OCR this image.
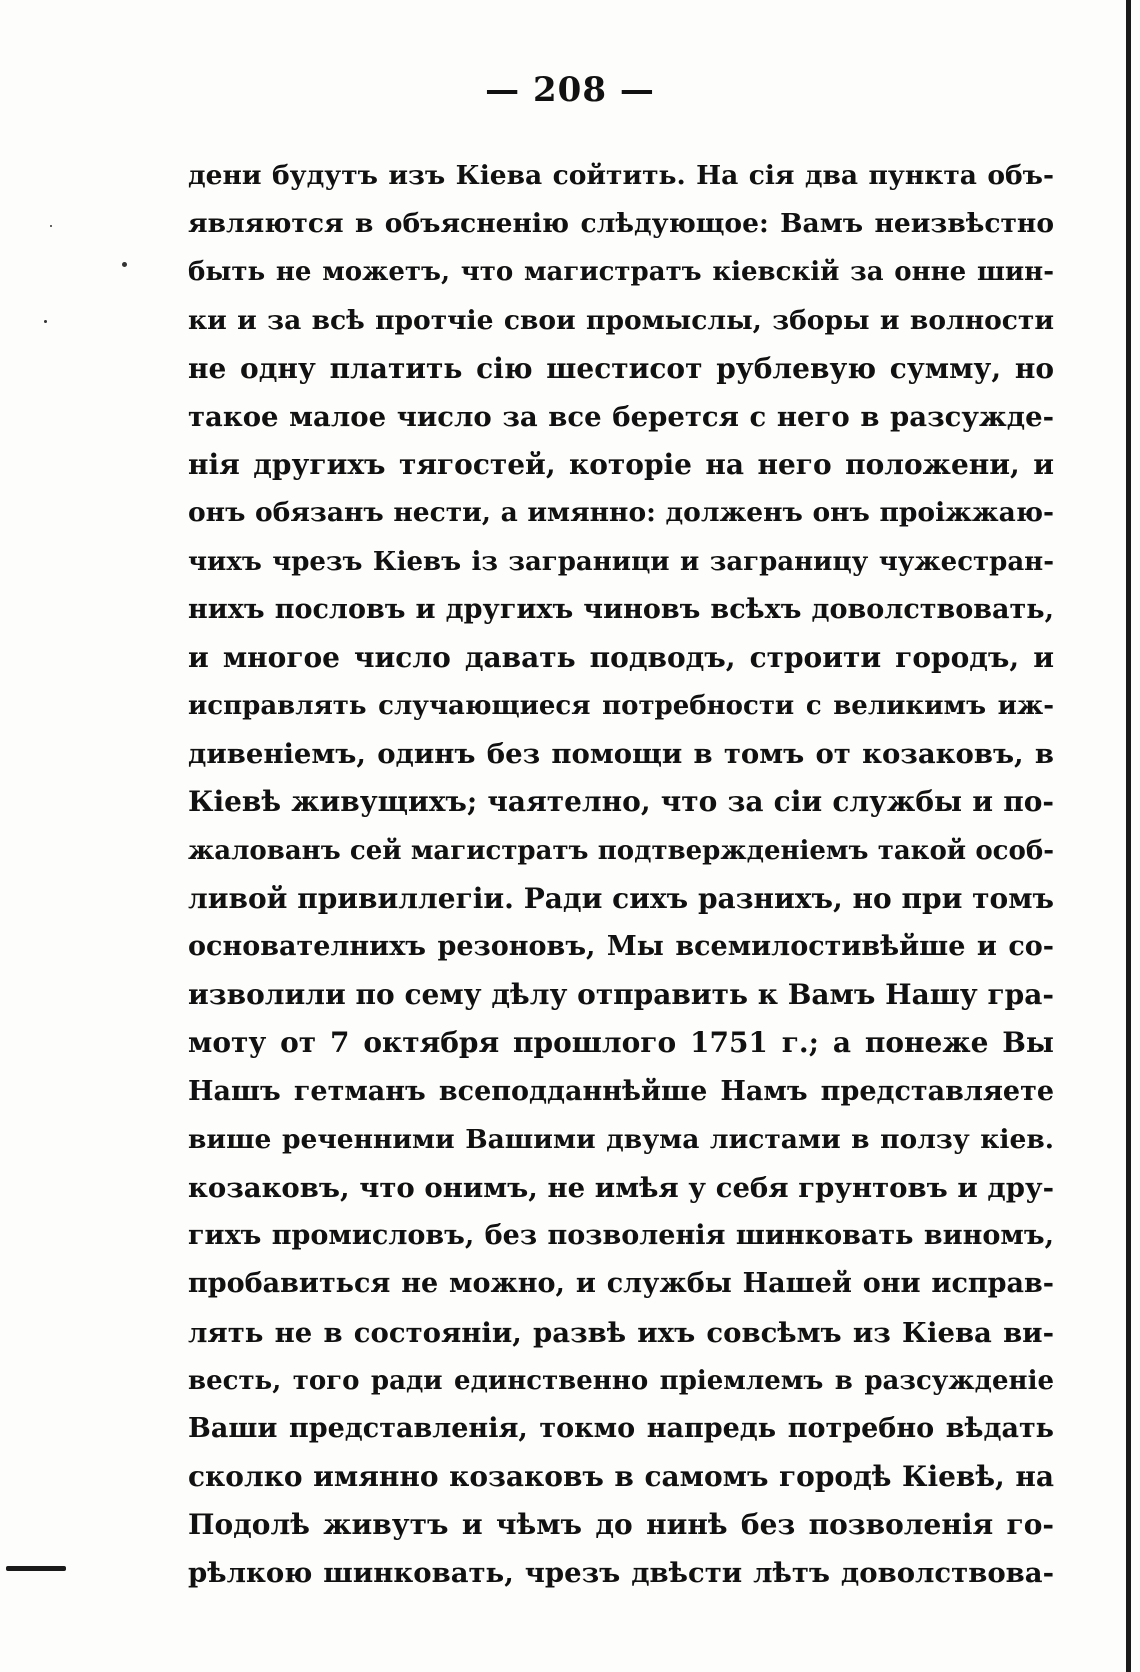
— 208 —
дени будутъ изъ Кіева сойтить. На сія два пункта объ-
являются в объясненію слѣдующое: Вамъ неизвѣстно
быть не можетъ, что магистратъ кіевскій за онне шин-
ки и за всѣ протчіе свои промыслы, зборы и волности
не одну платить сію шестисот рублевую сумму, но
такое малое число за все берется с него в разсужде-
нія другихъ тягостей, которіе на него положени, и
онъ обязанъ нести, а имянно: долженъ онъ проіжжаю-
чихъ чрезъ Кіевъ із заграници и заграницу чужестран-
нихъ пословъ и другихъ чиновъ всѣхъ доволствовать,
и многое число давать подводъ, строити городъ, и
исправлять случающиеся потребности с великимъ иж-
дивеніемъ, одинъ без помощи в томъ от козаковъ, в
Кіевѣ живущихъ; чаятелно, что за сіи службы и по-
жалованъ сей магистратъ подтвержденіемъ такой особ-
ливой привиллегіи. Ради сихъ разнихъ, но при томъ
основателнихъ резоновъ, Мы всемилостивѣйше и со-
изволили по сему дѣлу отправить к Вамъ Нашу гра-
моту от 7 октября прошлого 1751 г.; а понеже Вы
Нашъ гетманъ всеподданнѣйше Намъ представляете
више реченними Вашими двума листами в ползу кіев.
козаковъ, что онимъ, не имѣя у себя грунтовъ и дру-
гихъ промисловъ, без позволенія шинковать виномъ,
пробавиться не можно, и службы Нашей они исправ-
лять не в состояніи, развѣ ихъ совсѣмъ из Кіева ви-
весть, того ради единственно пріемлемъ в разсужденіе
Ваши представленія, токмо напредь потребно вѣдать
сколко имянно козаковъ в самомъ городѣ Кіевѣ, на
Подолѣ живутъ и чѣмъ до нинѣ без позволенія го-
рѣлкою шинковать, чрезъ двѣсти лѣтъ доволствова-
